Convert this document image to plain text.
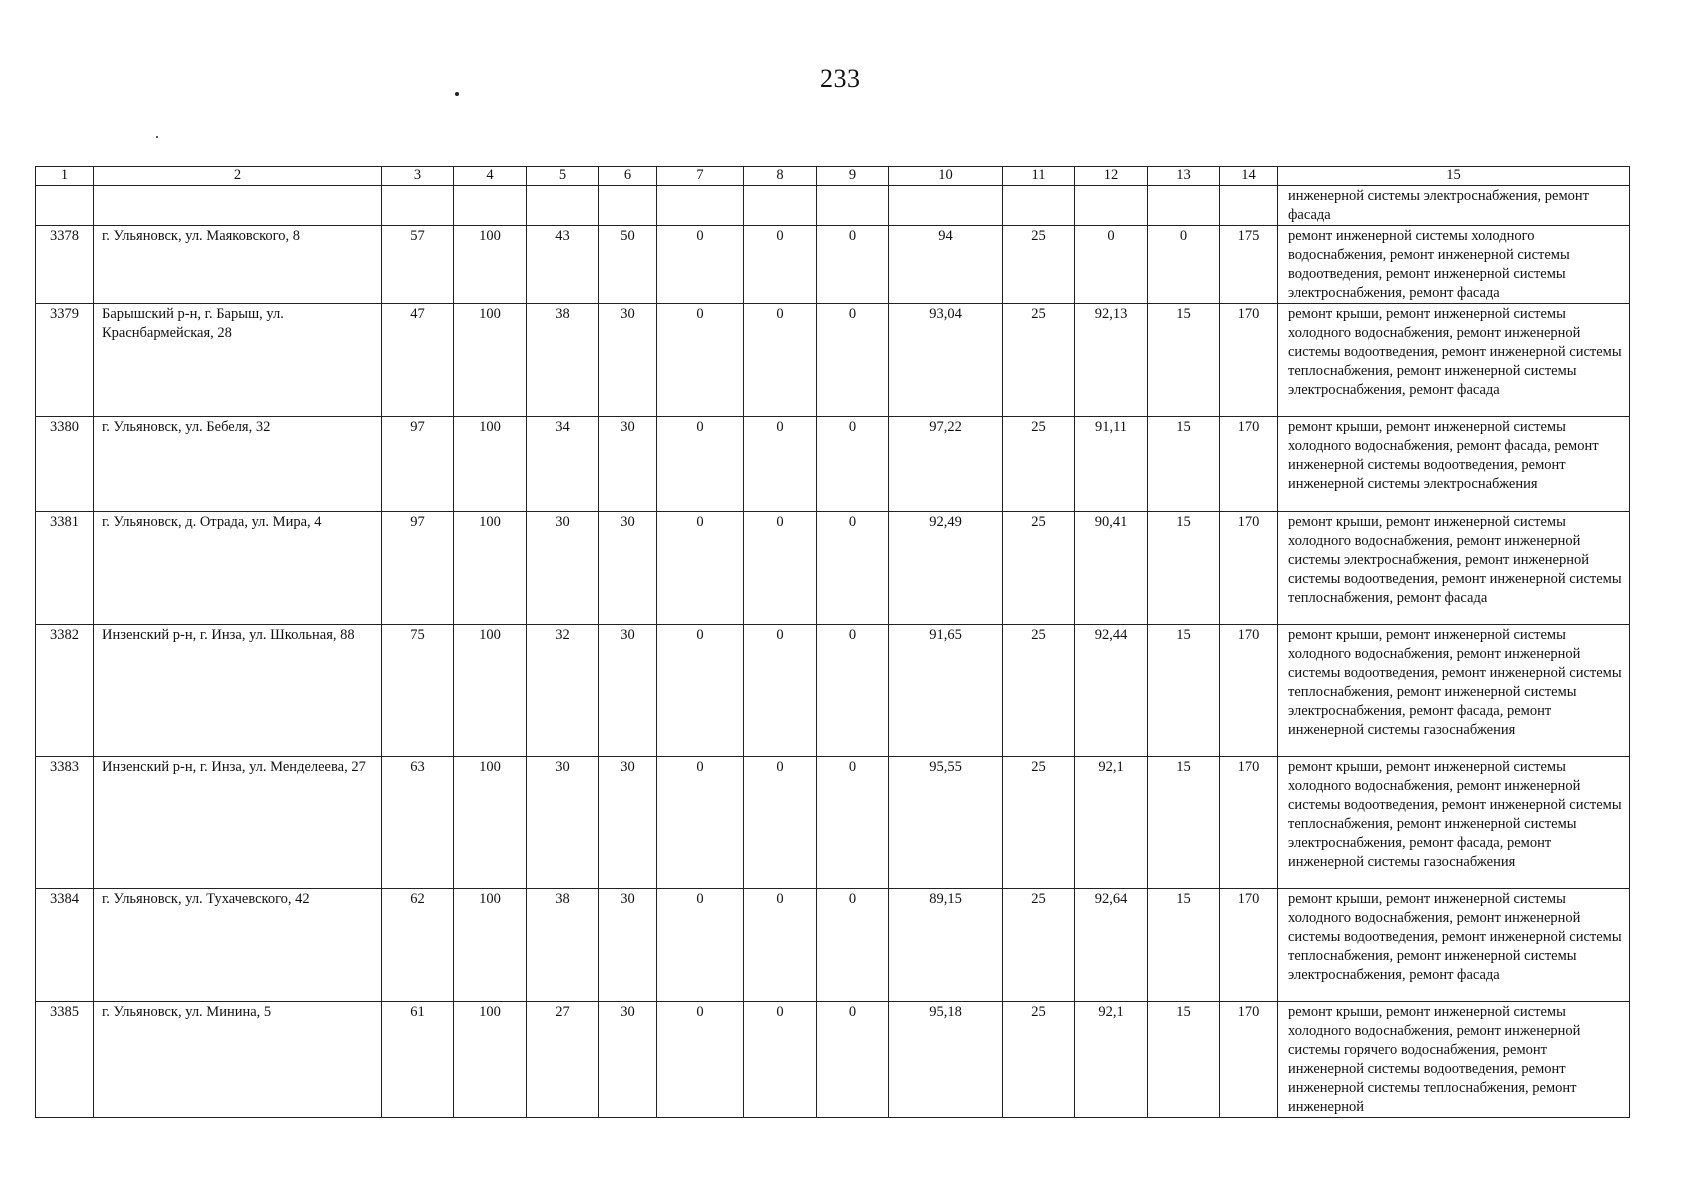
233
1	2	3	4	5	6	7	8	9	10	11	12	13	14	15
														инженерной системы электроснабжения, ремонт фасада
3378	г. Ульяновск, ул. Маяковского, 8	57	100	43	50	0	0	0	94	25	0	0	175	ремонт инженерной системы холодного водоснабжения, ремонт инженерной системы водоотведения, ремонт инженерной системы электроснабжения, ремонт фасада
3379	Барышский р-н, г. Барыш, ул. Краснбармейская, 28	47	100	38	30	0	0	0	93,04	25	92,13	15	170	ремонт крыши, ремонт инженерной системы холодного водоснабжения, ремонт инженерной системы водоотведения, ремонт инженерной системы теплоснабжения, ремонт инженерной системы электроснабжения, ремонт фасада
3380	г. Ульяновск, ул. Бебеля, 32	97	100	34	30	0	0	0	97,22	25	91,11	15	170	ремонт крыши, ремонт инженерной системы холодного водоснабжения, ремонт фасада, ремонт инженерной системы водоотведения, ремонт инженерной системы электроснабжения
3381	г. Ульяновск, д. Отрада, ул. Мира, 4	97	100	30	30	0	0	0	92,49	25	90,41	15	170	ремонт крыши, ремонт инженерной системы холодного водоснабжения, ремонт инженерной системы электроснабжения, ремонт инженерной системы водоотведения, ремонт инженерной системы теплоснабжения, ремонт фасада
3382	Инзенский р-н, г. Инза, ул. Школьная, 88	75	100	32	30	0	0	0	91,65	25	92,44	15	170	ремонт крыши, ремонт инженерной системы холодного водоснабжения, ремонт инженерной системы водоотведения, ремонт инженерной системы теплоснабжения, ремонт инженерной системы электроснабжения, ремонт фасада, ремонт инженерной системы газоснабжения
3383	Инзенский р-н, г. Инза, ул. Менделеева, 27	63	100	30	30	0	0	0	95,55	25	92,1	15	170	ремонт крыши, ремонт инженерной системы холодного водоснабжения, ремонт инженерной системы водоотведения, ремонт инженерной системы теплоснабжения, ремонт инженерной системы электроснабжения, ремонт фасада, ремонт инженерной системы газоснабжения
3384	г. Ульяновск, ул. Тухачевского, 42	62	100	38	30	0	0	0	89,15	25	92,64	15	170	ремонт крыши, ремонт инженерной системы холодного водоснабжения, ремонт инженерной системы водоотведения, ремонт инженерной системы теплоснабжения, ремонт инженерной системы электроснабжения, ремонт фасада
3385	г. Ульяновск, ул. Минина, 5	61	100	27	30	0	0	0	95,18	25	92,1	15	170	ремонт крыши, ремонт инженерной системы холодного водоснабжения, ремонт инженерной системы горячего водоснабжения, ремонт инженерной системы водоотведения, ремонт инженерной системы теплоснабжения, ремонт инженерной
